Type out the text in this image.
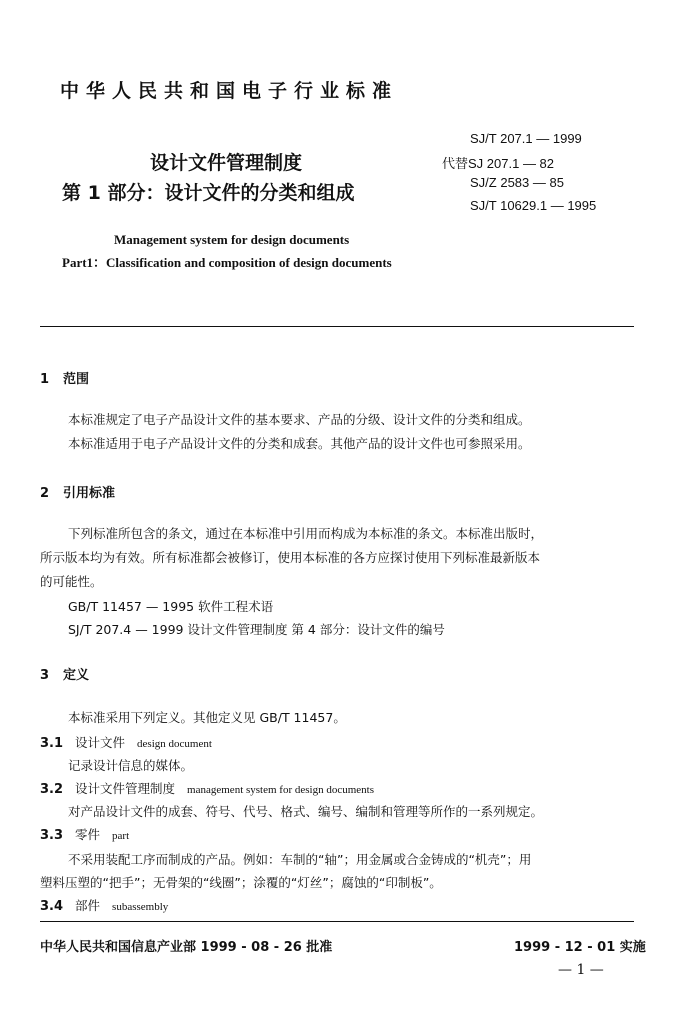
中华人民共和国电子行业标准
设计文件管理制度
第 1 部分：设计文件的分类和组成
SJ/T 207.1 — 1999
代替SJ 207.1 — 82
SJ/Z 2583 — 85
SJ/T 10629.1 — 1995
Management system for design documents
Part1：Classification and composition of design documents
1 范围
本标准规定了电子产品设计文件的基本要求、产品的分级、设计文件的分类和组成。
本标准适用于电子产品设计文件的分类和成套。其他产品的设计文件也可参照采用。
2 引用标准
下列标准所包含的条文，通过在本标准中引用而构成为本标准的条文。本标准出版时，
所示版本均为有效。所有标准都会被修订，使用本标准的各方应探讨使用下列标准最新版本
的可能性。
GB/T 11457 — 1995 软件工程术语
SJ/T 207.4 — 1999 设计文件管理制度 第 4 部分：设计文件的编号
3 定义
本标准采用下列定义。其他定义见 GB/T 11457。
3.1 设计文件 design document
记录设计信息的媒体。
3.2 设计文件管理制度 management system for design documents
对产品设计文件的成套、符号、代号、格式、编号、编制和管理等所作的一系列规定。
3.3 零件 part
不采用装配工序而制成的产品。例如：车制的“轴”；用金属或合金铸成的“机壳”；用
塑料压塑的“把手”；无骨架的“线圈”；涂覆的“灯丝”；腐蚀的“印制板”。
3.4 部件 subassembly
中华人民共和国信息产业部 1999 - 08 - 26 批准	1999 - 12 - 01 实施
— 1 —
